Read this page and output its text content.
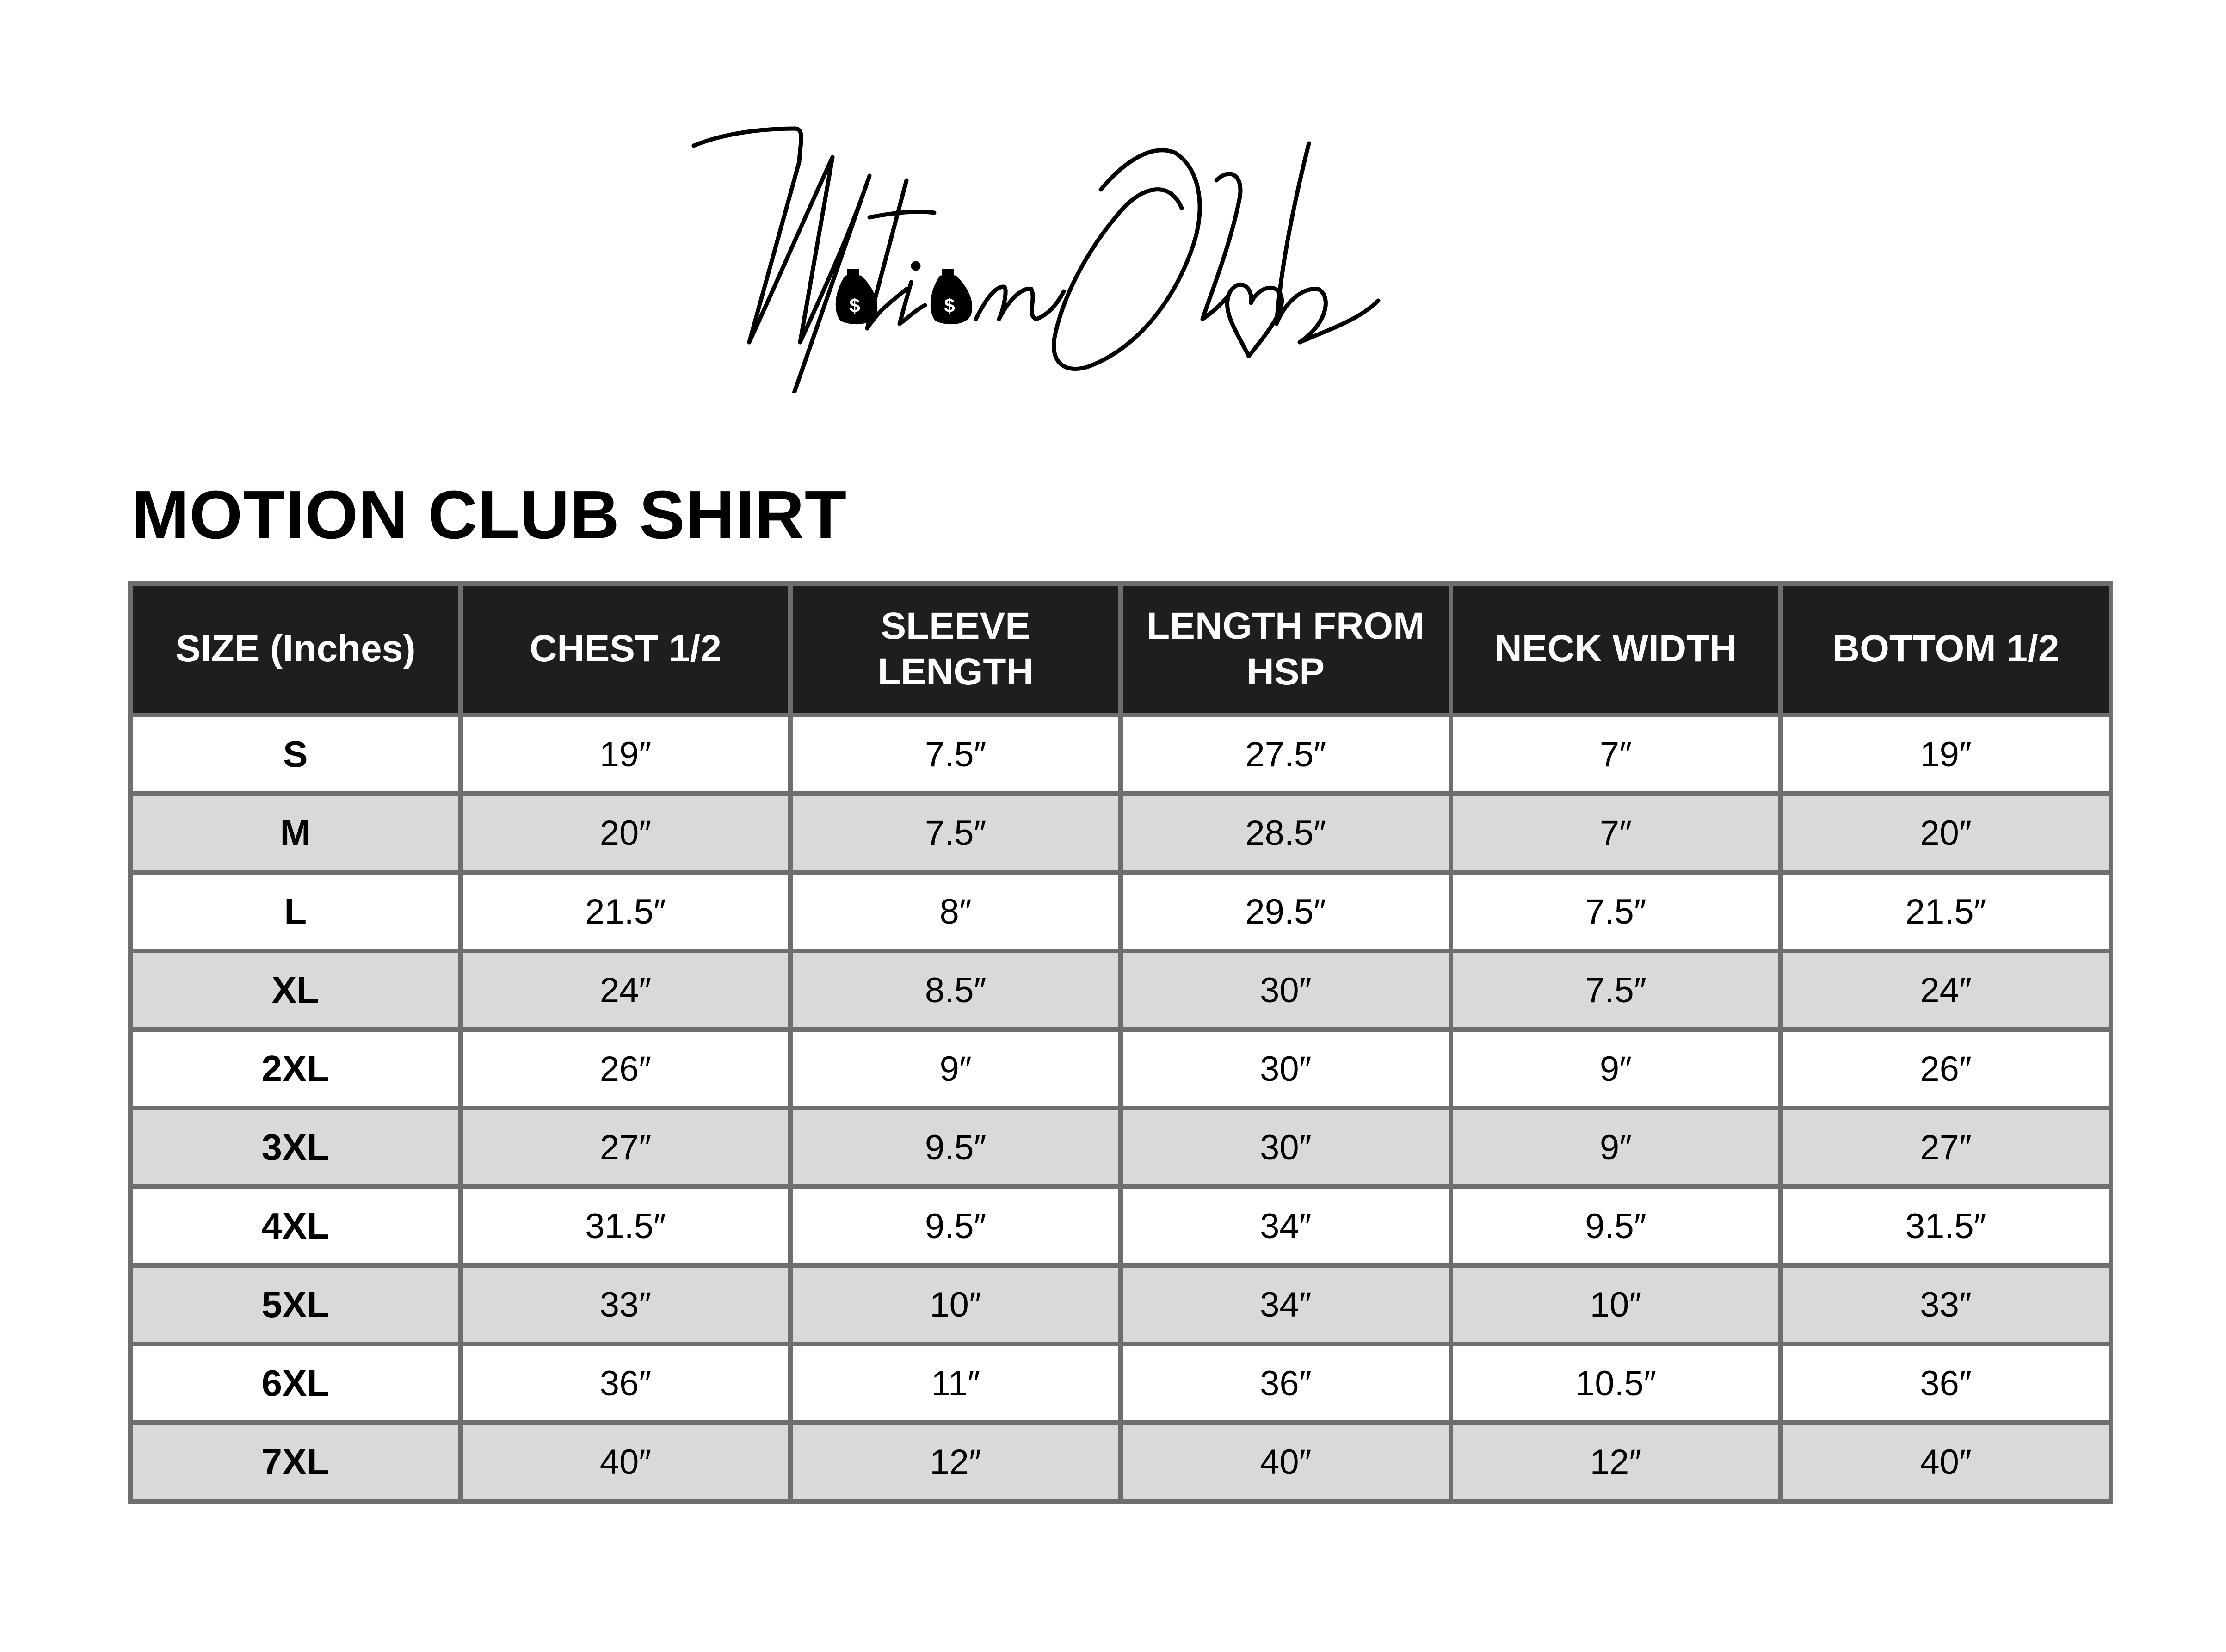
$	$
MOTION CLUB SHIRT
SIZE (Inches)	CHEST 1/2	SLEEVE LENGTH	LENGTH FROM HSP	NECK WIDTH	BOTTOM 1/2
S	19″	7.5″	27.5″	7″	19″
M	20″	7.5″	28.5″	7″	20″
L	21.5″	8″	29.5″	7.5″	21.5″
XL	24″	8.5″	30″	7.5″	24″
2XL	26″	9″	30″	9″	26″
3XL	27″	9.5″	30″	9″	27″
4XL	31.5″	9.5″	34″	9.5″	31.5″
5XL	33″	10″	34″	10″	33″
6XL	36″	11″	36″	10.5″	36″
7XL	40″	12″	40″	12″	40″
